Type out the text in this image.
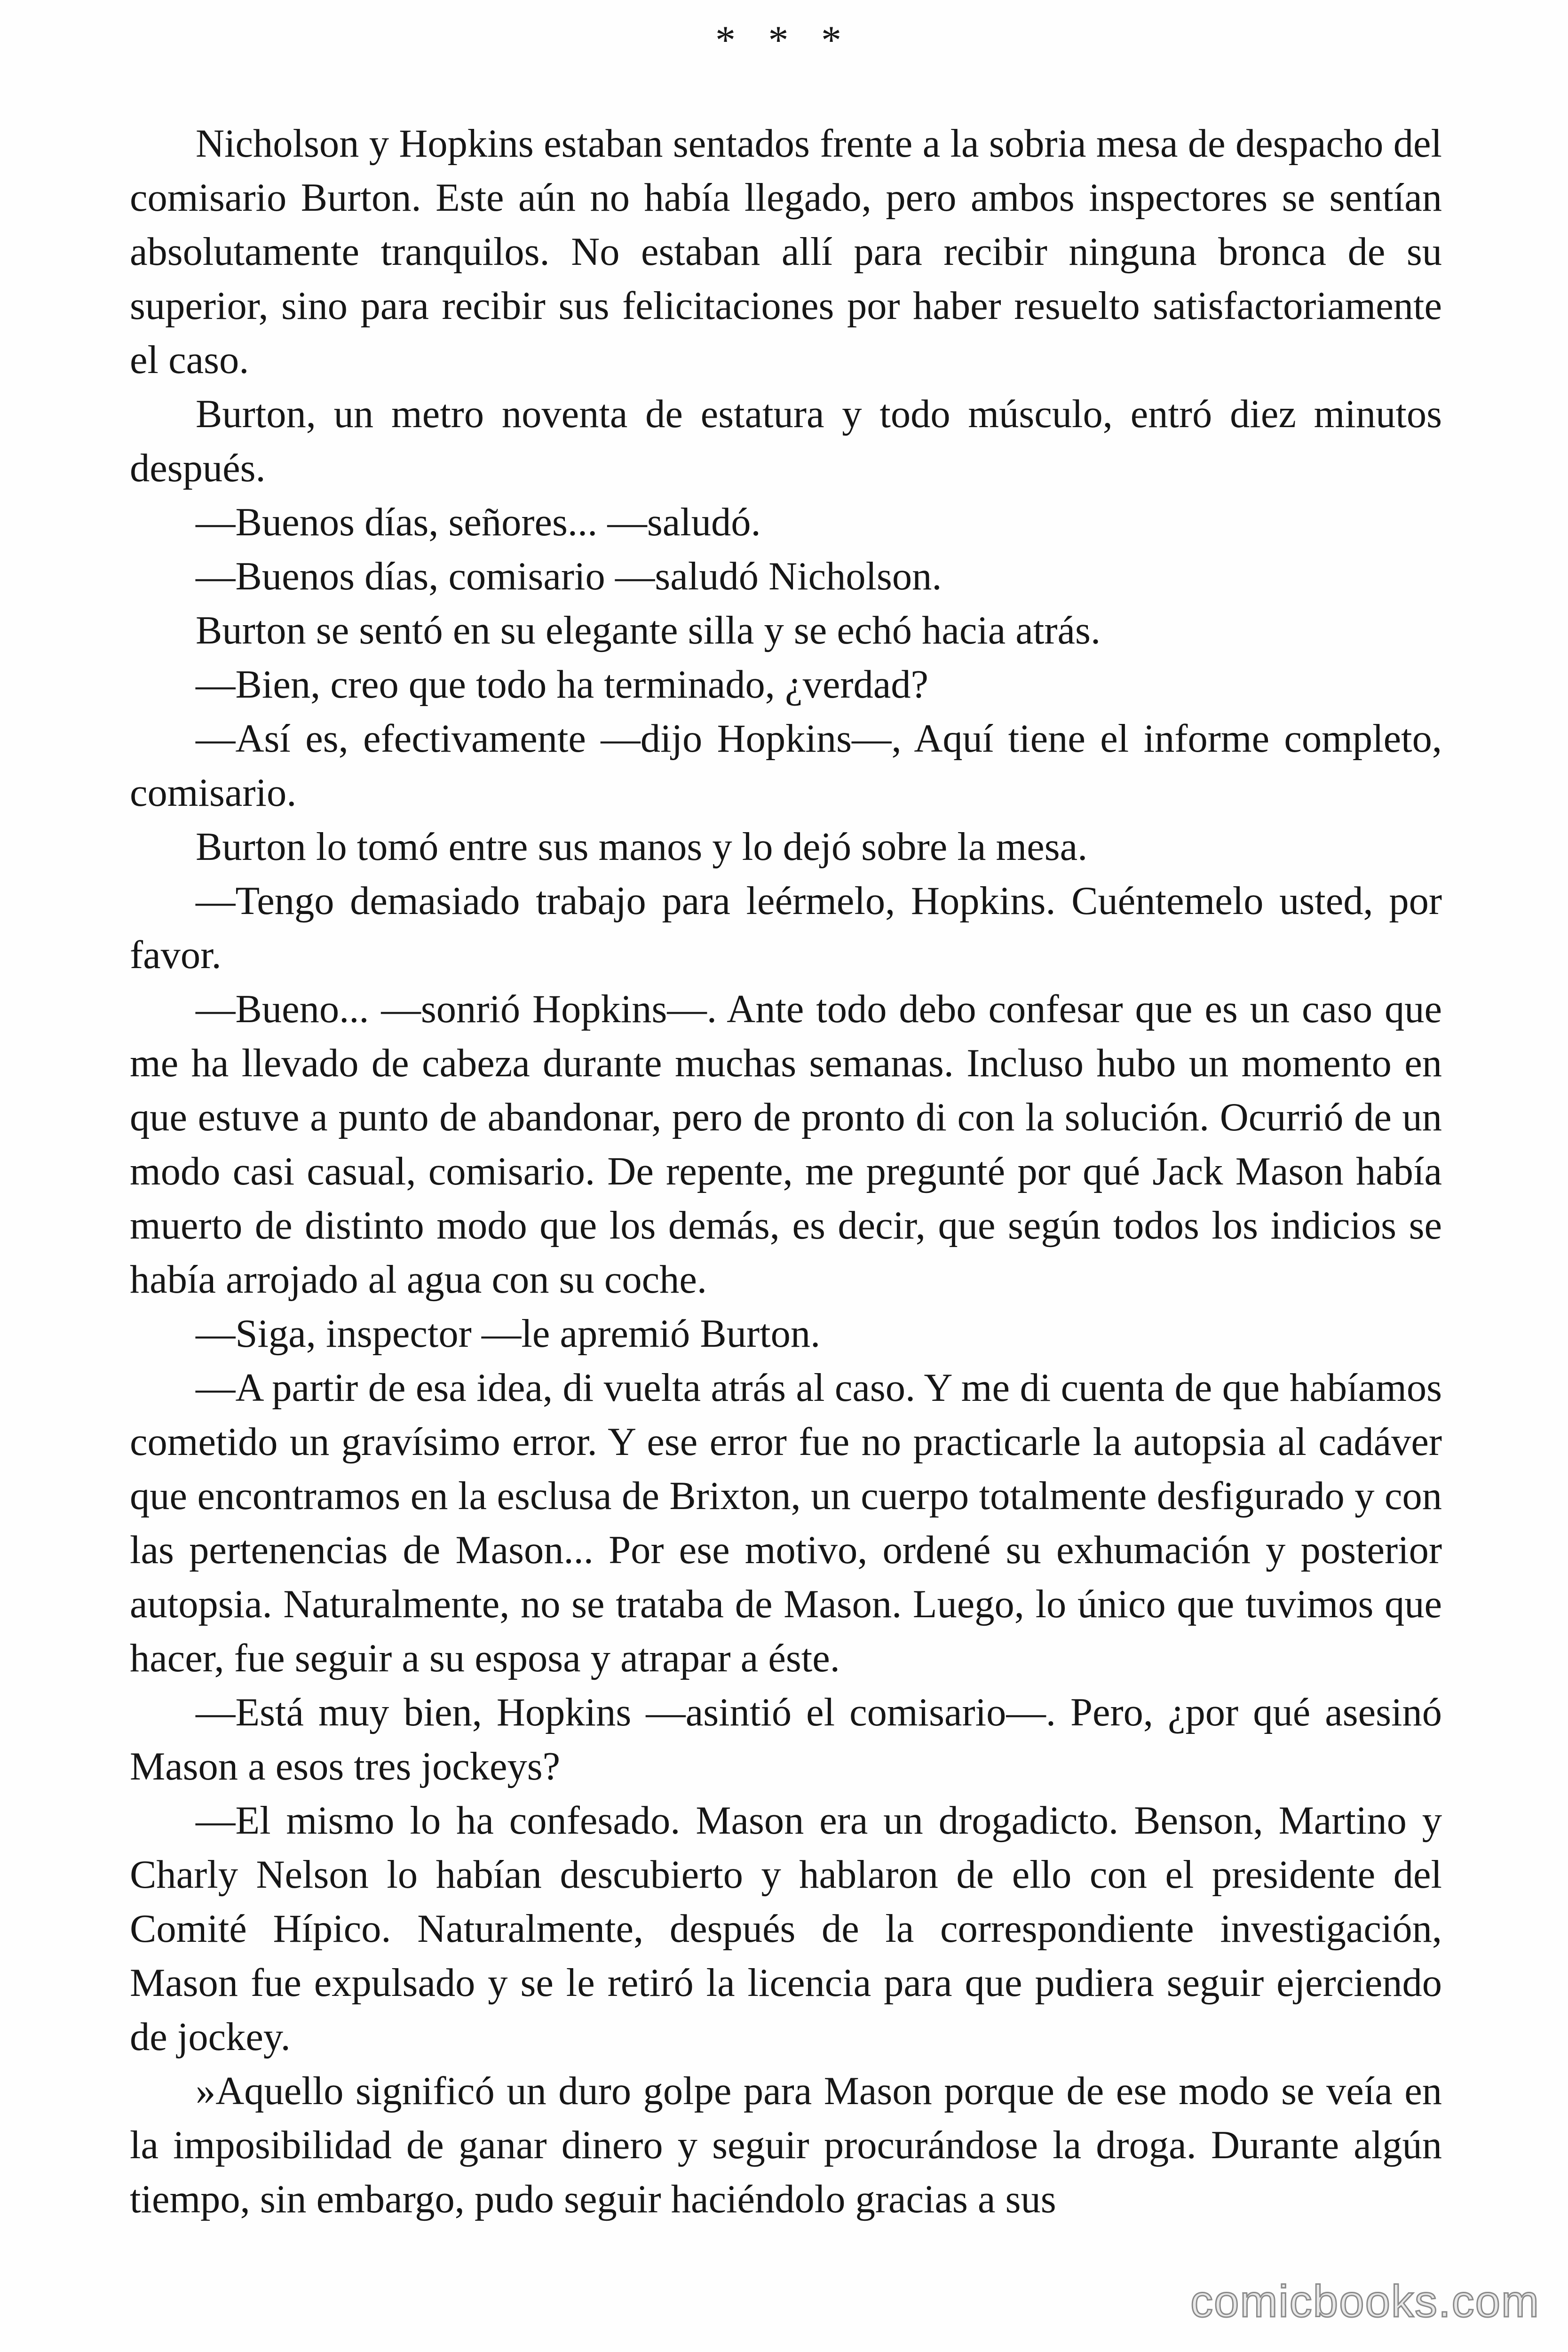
* * *

Nicholson y Hopkins estaban sentados frente a la sobria mesa de despacho del comisario Burton. Este aún no había llegado, pero ambos inspectores se sentían absolutamente tranquilos. No estaban allí para recibir ninguna bronca de su superior, sino para recibir sus felicitaciones por haber resuelto satisfactoriamente el caso.

Burton, un metro noventa de estatura y todo músculo, entró diez minutos después.

—Buenos días, señores... —saludó.

—Buenos días, comisario —saludó Nicholson.

Burton se sentó en su elegante silla y se echó hacia atrás.

—Bien, creo que todo ha terminado, ¿verdad?

—Así es, efectivamente —dijo Hopkins—, Aquí tiene el informe completo, comisario.

Burton lo tomó entre sus manos y lo dejó sobre la mesa.

—Tengo demasiado trabajo para leérmelo, Hopkins. Cuéntemelo usted, por favor.

—Bueno... —sonrió Hopkins—. Ante todo debo confesar que es un caso que me ha llevado de cabeza durante muchas semanas. Incluso hubo un momento en que estuve a punto de abandonar, pero de pronto di con la solución. Ocurrió de un modo casi casual, comisario. De repente, me pregunté por qué Jack Mason había muerto de distinto modo que los demás, es decir, que según todos los indicios se había arrojado al agua con su coche.

—Siga, inspector —le apremió Burton.

—A partir de esa idea, di vuelta atrás al caso. Y me di cuenta de que habíamos cometido un gravísimo error. Y ese error fue no practicarle la autopsia al cadáver que encontramos en la esclusa de Brixton, un cuerpo totalmente desfigurado y con las pertenencias de Mason... Por ese motivo, ordené su exhumación y posterior autopsia. Naturalmente, no se trataba de Mason. Luego, lo único que tuvimos que hacer, fue seguir a su esposa y atrapar a éste.

—Está muy bien, Hopkins —asintió el comisario—. Pero, ¿por qué asesinó Mason a esos tres jockeys?

—El mismo lo ha confesado. Mason era un drogadicto. Benson, Martino y Charly Nelson lo habían descubierto y hablaron de ello con el presidente del Comité Hípico. Naturalmente, después de la correspondiente investigación, Mason fue expulsado y se le retiró la licencia para que pudiera seguir ejerciendo de jockey.

»Aquello significó un duro golpe para Mason porque de ese modo se veía en la imposibilidad de ganar dinero y seguir procurándose la droga. Durante algún tiempo, sin embargo, pudo seguir haciéndolo gracias a sus

comicbooks.com
